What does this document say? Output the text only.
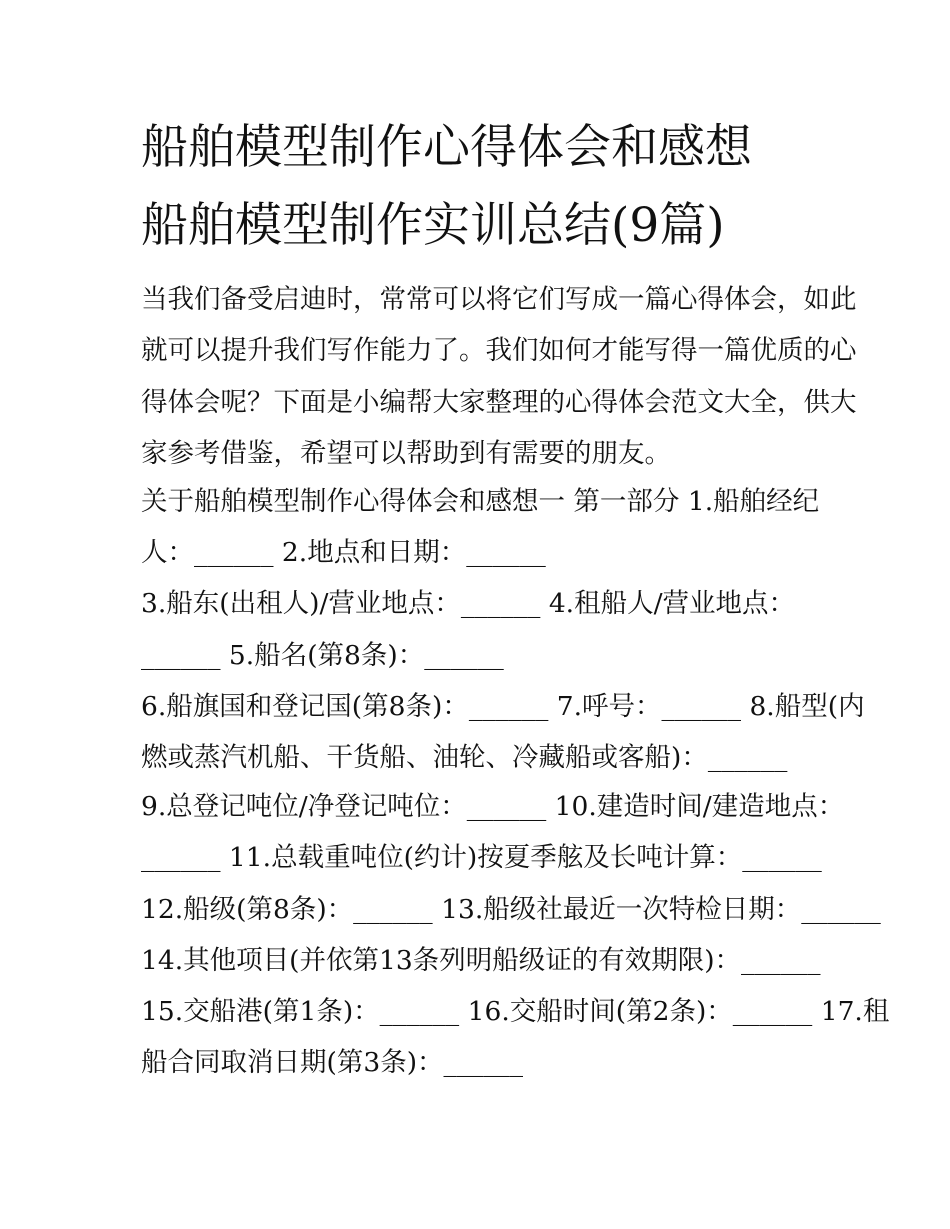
船舶模型制作心得体会和感想
船舶模型制作实训总结(9篇)
当我们备受启迪时，常常可以将它们写成一篇心得体会，如此
就可以提升我们写作能力了。我们如何才能写得一篇优质的心
得体会呢？下面是小编帮大家整理的心得体会范文大全，供大
家参考借鉴，希望可以帮助到有需要的朋友。
关于船舶模型制作心得体会和感想一 第一部分 1.船舶经纪
人：______ 2.地点和日期：______
3.船东(出租人)/营业地点：______ 4.租船人/营业地点：
______ 5.船名(第8条)：______
6.船旗国和登记国(第8条)：______ 7.呼号：______ 8.船型(内
燃或蒸汽机船、干货船、油轮、冷藏船或客船)：______
9.总登记吨位/净登记吨位：______ 10.建造时间/建造地点：
______ 11.总载重吨位(约计)按夏季舷及长吨计算：______
12.船级(第8条)：______ 13.船级社最近一次特检日期：______
14.其他项目(并依第13条列明船级证的有效期限)：______
15.交船港(第1条)：______ 16.交船时间(第2条)：______ 17.租
船合同取消日期(第3条)：______
